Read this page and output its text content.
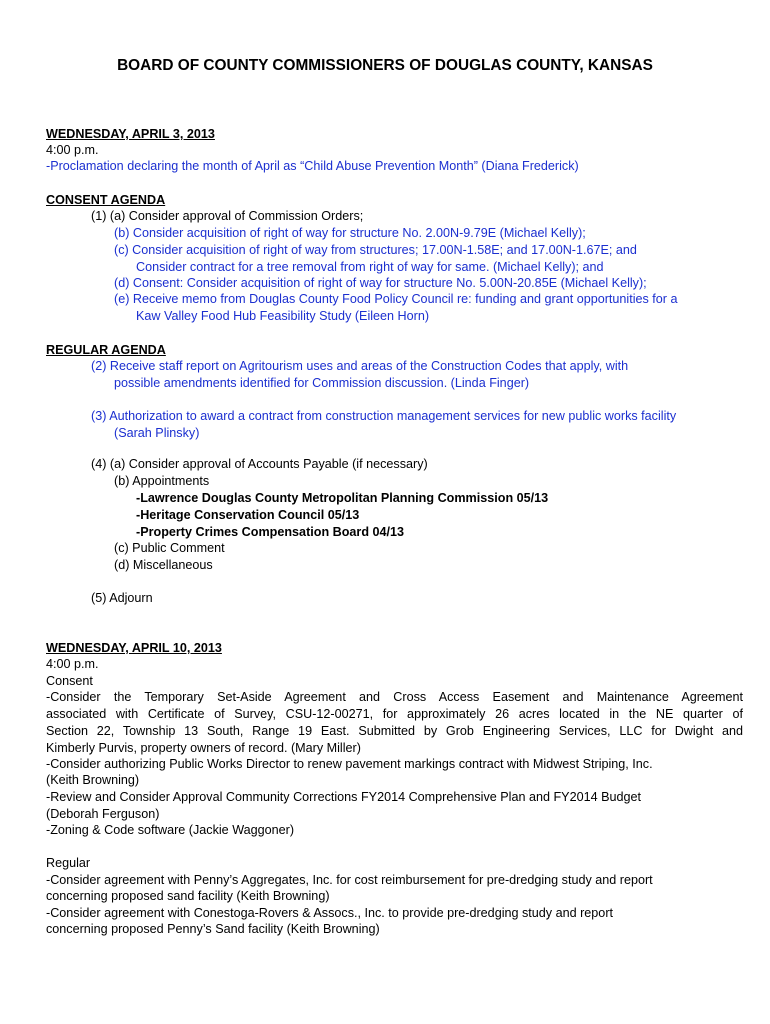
BOARD OF COUNTY COMMISSIONERS OF DOUGLAS COUNTY, KANSAS
WEDNESDAY, APRIL 3, 2013
4:00 p.m.
-Proclamation declaring the month of April as “Child Abuse Prevention Month” (Diana Frederick)
CONSENT AGENDA
(1) (a) Consider approval of Commission Orders;
(b) Consider acquisition of right of way for structure No. 2.00N-9.79E (Michael Kelly);
(c) Consider acquisition of right of way from structures; 17.00N-1.58E; and 17.00N-1.67E; and
Consider contract for a tree removal from right of way for same. (Michael Kelly); and
(d) Consent: Consider acquisition of right of way for structure No. 5.00N-20.85E (Michael Kelly);
(e) Receive memo from Douglas County Food Policy Council re: funding and grant opportunities for a
Kaw Valley Food Hub Feasibility Study (Eileen Horn)
REGULAR AGENDA
(2) Receive staff report on Agritourism uses and areas of the Construction Codes that apply, with
possible amendments identified for Commission discussion. (Linda Finger)
(3) Authorization to award a contract from construction management services for new public works facility
(Sarah Plinsky)
(4) (a) Consider approval of Accounts Payable (if necessary)
(b) Appointments
-Lawrence Douglas County Metropolitan Planning Commission 05/13
-Heritage Conservation Council 05/13
-Property Crimes Compensation Board 04/13
(c) Public Comment
(d) Miscellaneous
(5) Adjourn
WEDNESDAY, APRIL 10, 2013
4:00 p.m.
Consent
-Consider the Temporary Set-Aside Agreement and Cross Access Easement and Maintenance Agreement
associated with Certificate of Survey, CSU-12-00271, for approximately 26 acres located in the NE quarter of
Section 22, Township 13 South, Range 19 East. Submitted by Grob Engineering Services, LLC for Dwight and
Kimberly Purvis, property owners of record. (Mary Miller)
-Consider authorizing Public Works Director to renew pavement markings contract with Midwest Striping, Inc.
(Keith Browning)
-Review and Consider Approval Community Corrections FY2014 Comprehensive Plan and FY2014 Budget
(Deborah Ferguson)
-Zoning & Code software (Jackie Waggoner)
Regular
-Consider agreement with Penny’s Aggregates, Inc. for cost reimbursement for pre-dredging study and report
concerning proposed sand facility (Keith Browning)
-Consider agreement with Conestoga-Rovers & Assocs., Inc. to provide pre-dredging study and report
concerning proposed Penny’s Sand facility (Keith Browning)
